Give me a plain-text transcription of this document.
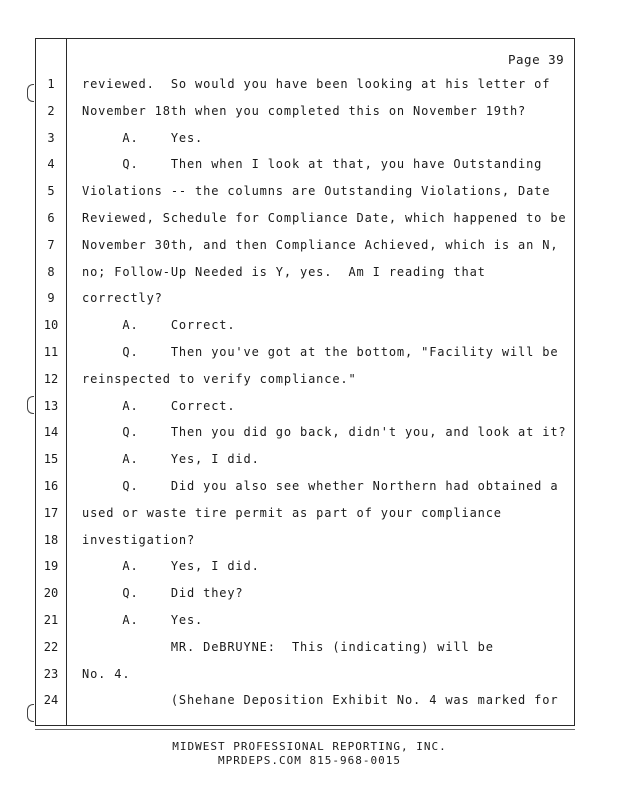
Page 39
1	reviewed.  So would you have been looking at his letter of
2	November 18th when you completed this on November 19th?
3	A.    Yes.
4	Q.    Then when I look at that, you have Outstanding
5	Violations -- the columns are Outstanding Violations, Date
6	Reviewed, Schedule for Compliance Date, which happened to be
7	November 30th, and then Compliance Achieved, which is an N,
8	no; Follow-Up Needed is Y, yes.  Am I reading that
9	correctly?
10	A.    Correct.
11	Q.    Then you've got at the bottom, "Facility will be
12	reinspected to verify compliance."
13	A.    Correct.
14	Q.    Then you did go back, didn't you, and look at it?
15	A.    Yes, I did.
16	Q.    Did you also see whether Northern had obtained a
17	used or waste tire permit as part of your compliance
18	investigation?
19	A.    Yes, I did.
20	Q.    Did they?
21	A.    Yes.
22	MR. DeBRUYNE:  This (indicating) will be
23	No. 4.
24	(Shehane Deposition Exhibit No. 4 was marked for
MIDWEST PROFESSIONAL REPORTING, INC.
MPRDEPS.COM 815-968-0015
